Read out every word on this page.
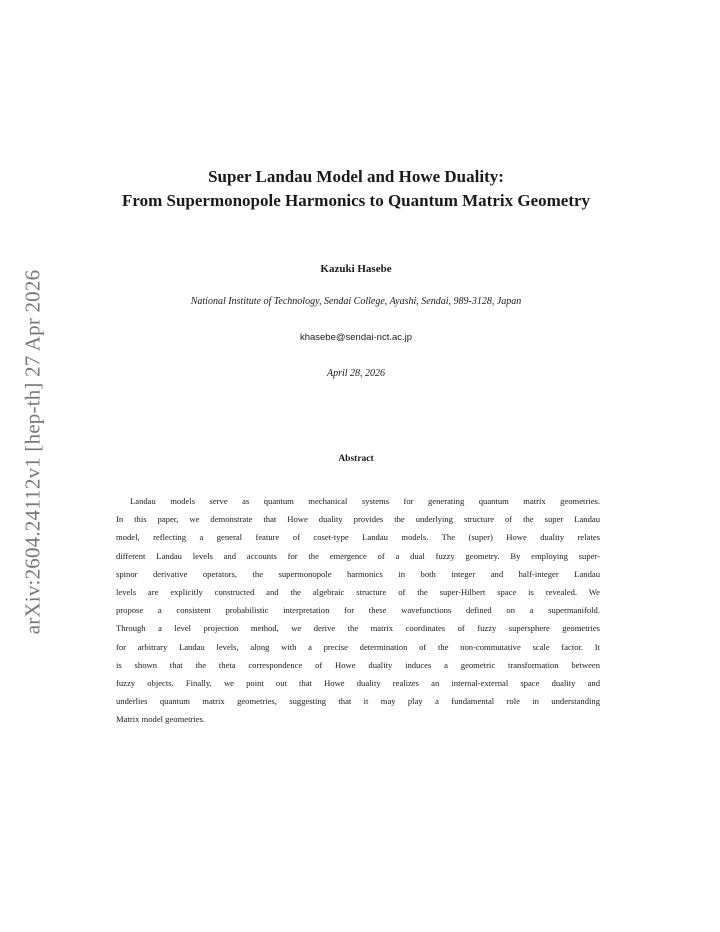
arXiv:2604.24112v1 [hep-th] 27 Apr 2026
Super Landau Model and Howe Duality:
From Supermonopole Harmonics to Quantum Matrix Geometry
Kazuki Hasebe
National Institute of Technology, Sendai College, Ayashi, Sendai, 989-3128, Japan
khasebe@sendai-nct.ac.jp
April 28, 2026
Abstract
Landau models serve as quantum mechanical systems for generating quantum matrix geometries.
In this paper, we demonstrate that Howe duality provides the underlying structure of the super Landau
model, reflecting a general feature of coset-type Landau models. The (super) Howe duality relates
different Landau levels and accounts for the emergence of a dual fuzzy geometry. By employing super-
spinor derivative operators, the supermonopole harmonics in both integer and half-integer Landau
levels are explicitly constructed and the algebraic structure of the super-Hilbert space is revealed. We
propose a consistent probabilistic interpretation for these wavefunctions defined on a supermanifold.
Through a level projection method, we derive the matrix coordinates of fuzzy supersphere geometries
for arbitrary Landau levels, along with a precise determination of the non-commutative scale factor. It
is shown that the theta correspondence of Howe duality induces a geometric transformation between
fuzzy objects. Finally, we point out that Howe duality realizes an internal-external space duality and
underlies quantum matrix geometries, suggesting that it may play a fundamental role in understanding
Matrix model geometries.
